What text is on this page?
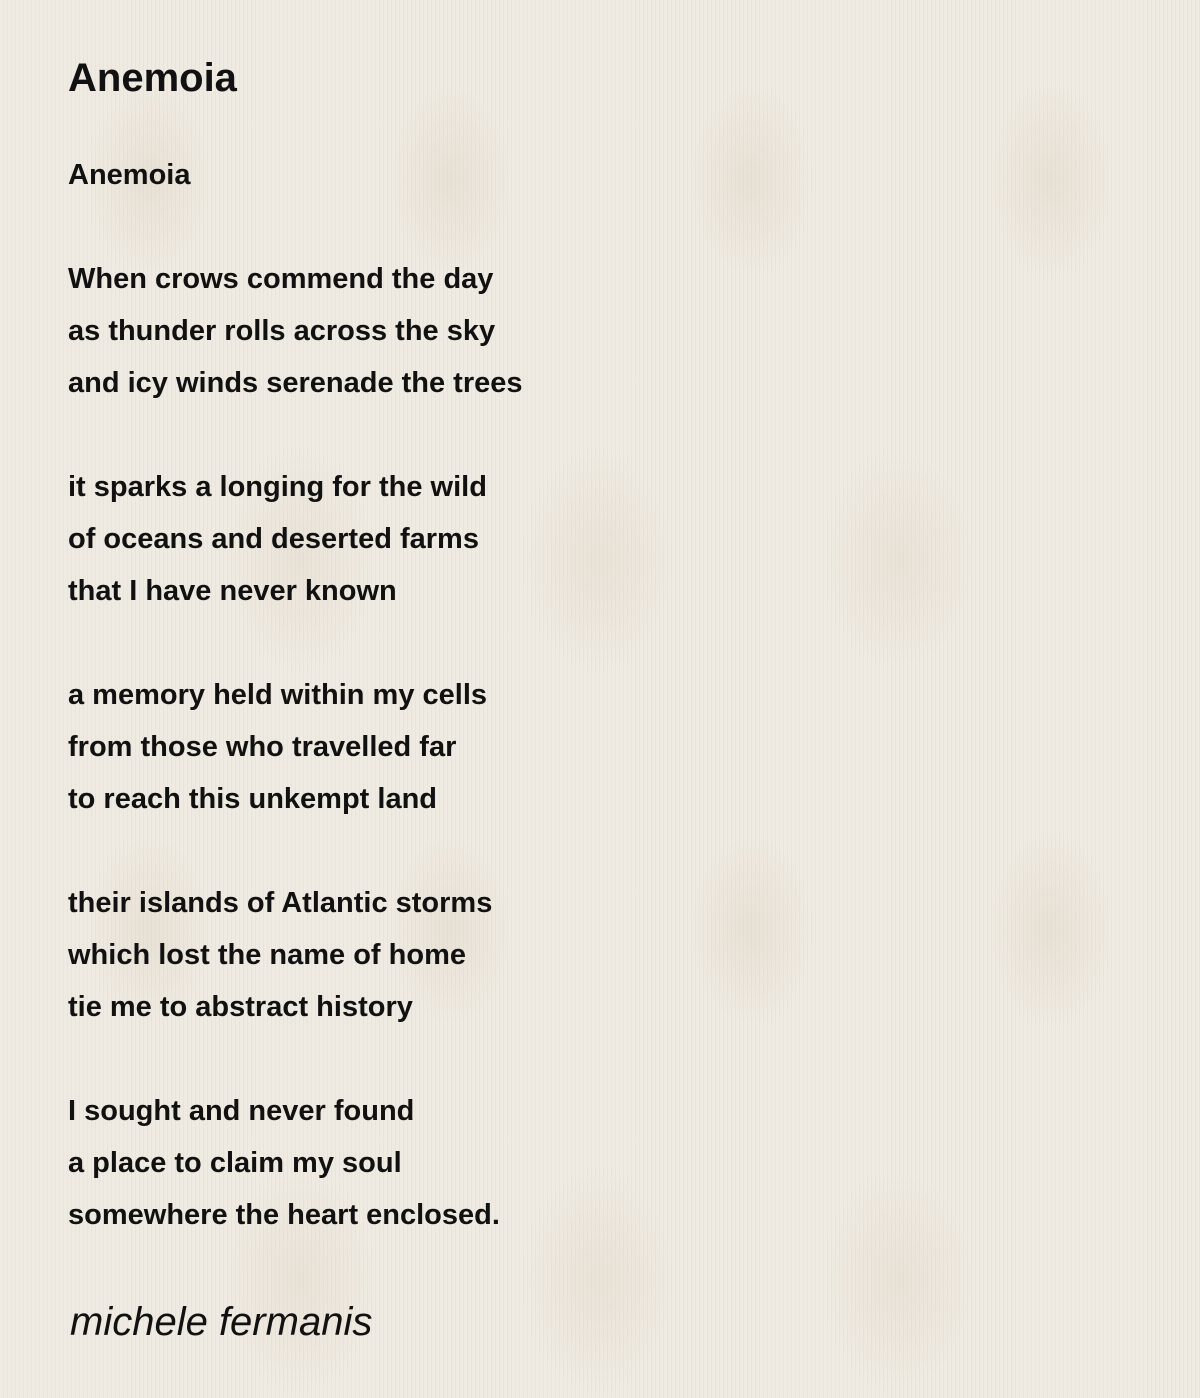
Anemoia
Anemoia
When crows commend the day
as thunder rolls across the sky
and icy winds serenade the trees
it sparks a longing for the wild
of oceans and deserted farms
that I have never known
a memory held within my cells
from those who travelled far
to reach this unkempt land
their islands of Atlantic storms
which lost the name of home
tie me to abstract history
I sought and never found
a place to claim my soul
somewhere the heart enclosed.
michele fermanis
